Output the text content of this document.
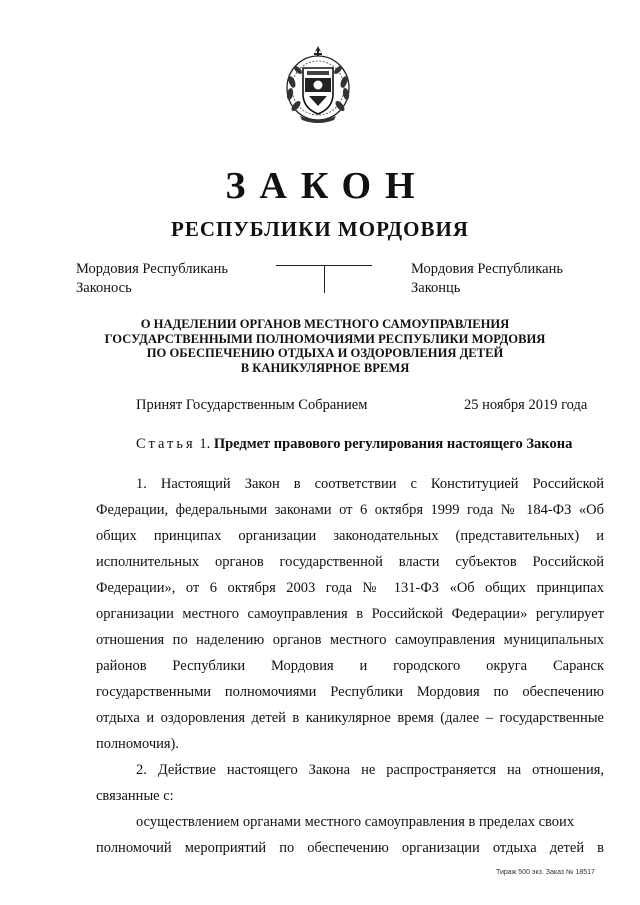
ЗАКОН
РЕСПУБЛИКИ МОРДОВИЯ
Мордовия Республикань
Законось
Мордовия Республикань
Законць
О НАДЕЛЕНИИ ОРГАНОВ МЕСТНОГО САМОУПРАВЛЕНИЯ
ГОСУДАРСТВЕННЫМИ ПОЛНОМОЧИЯМИ РЕСПУБЛИКИ МОРДОВИЯ
ПО ОБЕСПЕЧЕНИЮ ОТДЫХА И ОЗДОРОВЛЕНИЯ ДЕТЕЙ
В КАНИКУЛЯРНОЕ ВРЕМЯ
Принят Государственным Собранием	25 ноября 2019 года
Статья 1. Предмет правового регулирования настоящего Закона
1. Настоящий Закон в соответствии с Конституцией Российской
Федерации, федеральными законами от 6 октября 1999 года № 184-ФЗ «Об
общих принципах организации законодательных (представительных) и
исполнительных органов государственной власти субъектов Российской
Федерации», от 6 октября 2003 года № 131-ФЗ «Об общих принципах
организации местного самоуправления в Российской Федерации» регулирует
отношения по наделению органов местного самоуправления муниципальных
районов Республики Мордовия и городского округа Саранск
государственными полномочиями Республики Мордовия по обеспечению
отдыха и оздоровления детей в каникулярное время (далее – государственные
полномочия).
2. Действие настоящего Закона не распространяется на отношения,
связанные с:
осуществлением органами местного самоуправления в пределах своих
полномочий мероприятий по обеспечению организации отдыха детей в
Тираж 500 экз. Заказ № 18517
